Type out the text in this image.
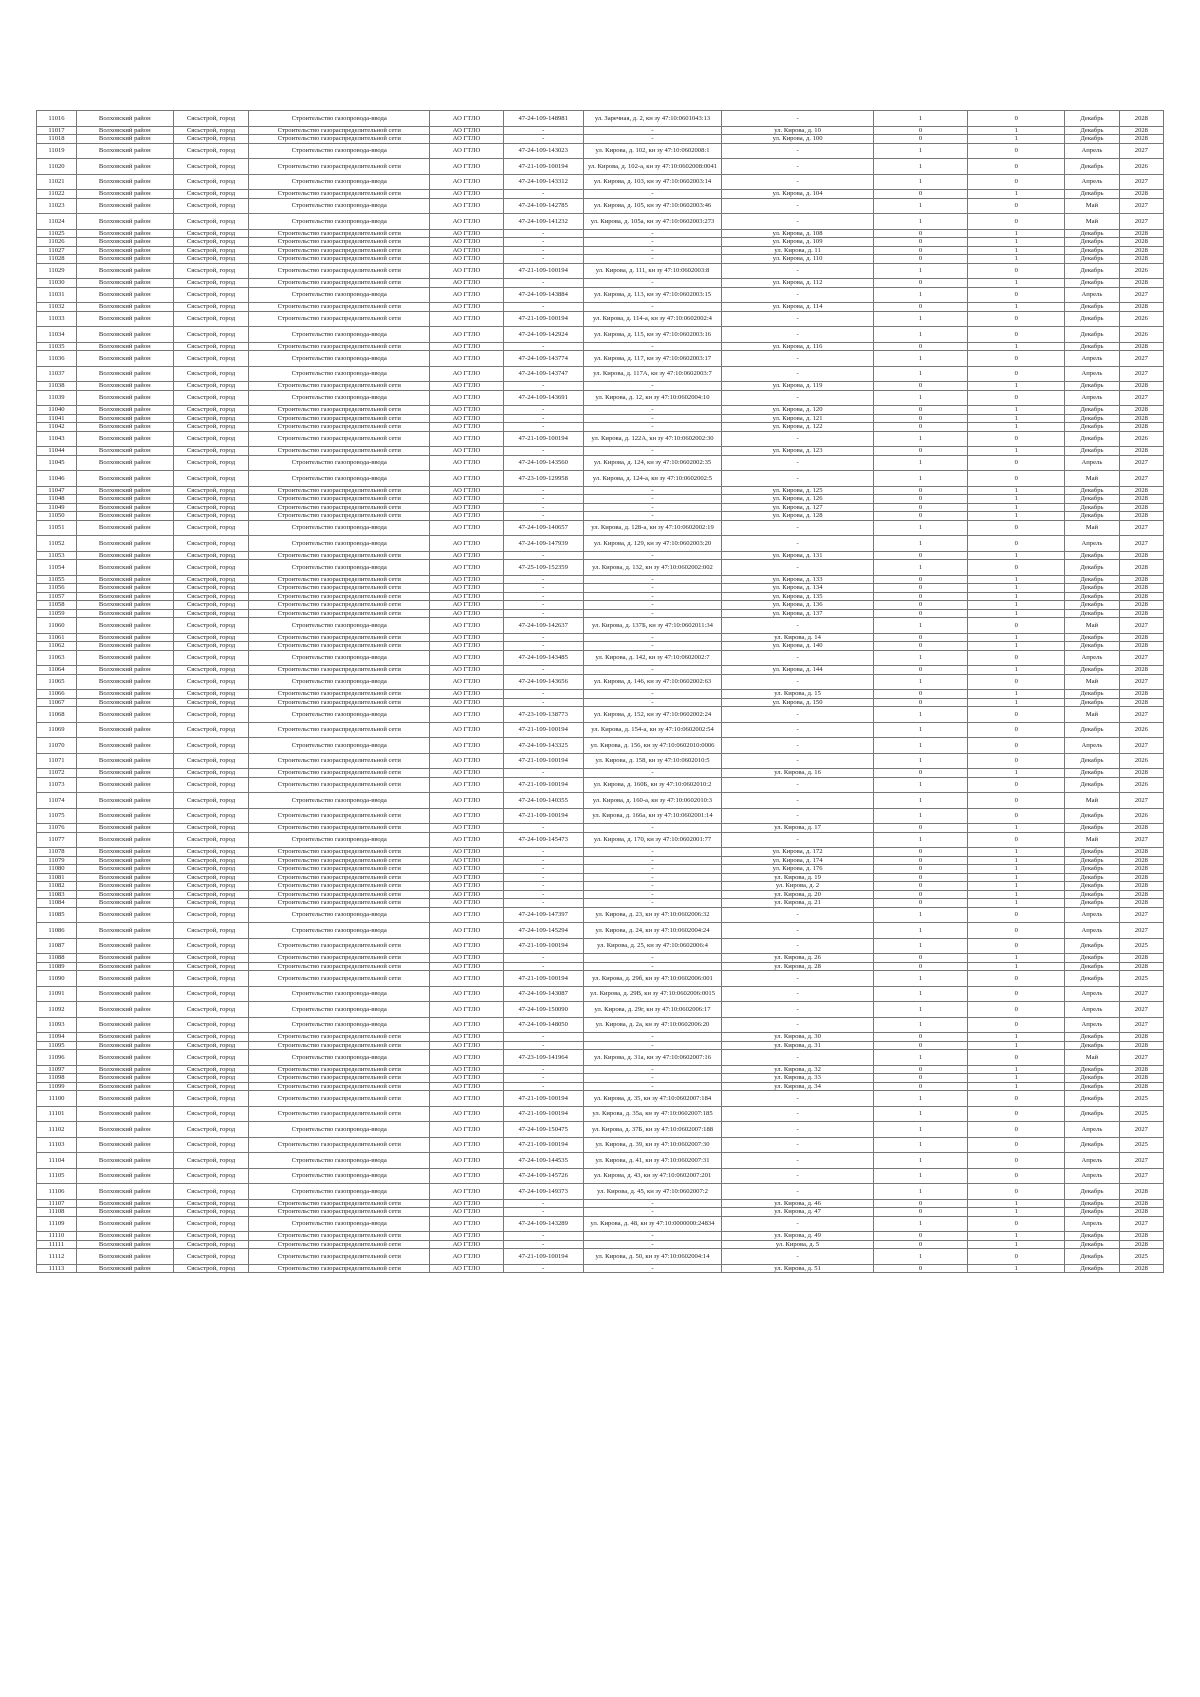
11016	Волховский район	Сясьстрой, город	Строительство газопровода-ввода	АО ГТЛО	47-24-109-148981	ул. Заречная, д. 2, кн зу 47:10:0601043:13	-	1	0	Декабрь	2028
11017	Волховский район	Сясьстрой, город	Строительство газораспределительной сети	АО ГТЛО	-	-	ул. Кирова, д. 10	0	1	Декабрь	2028
11018	Волховский район	Сясьстрой, город	Строительство газораспределительной сети	АО ГТЛО	-	-	ул. Кирова, д. 100	0	1	Декабрь	2028
11019	Волховский район	Сясьстрой, город	Строительство газопровода-ввода	АО ГТЛО	47-24-109-143023	ул. Кирова, д. 102, кн зу 47:10:0602008:1	-	1	0	Апрель	2027
11020	Волховский район	Сясьстрой, город	Строительство газораспределительной сети	АО ГТЛО	47-21-109-100194	ул. Кирова, д. 102-а, кн зу 47:10:0602008:0041	-	1	0	Декабрь	2026
11021	Волховский район	Сясьстрой, город	Строительство газопровода-ввода	АО ГТЛО	47-24-109-143312	ул. Кирова, д. 103, кн зу 47:10:0602003:14	-	1	0	Апрель	2027
11022	Волховский район	Сясьстрой, город	Строительство газораспределительной сети	АО ГТЛО	-	-	ул. Кирова, д. 104	0	1	Декабрь	2028
11023	Волховский район	Сясьстрой, город	Строительство газопровода-ввода	АО ГТЛО	47-24-109-142785	ул. Кирова, д. 105, кн зу 47:10:0602003:46	-	1	0	Май	2027
11024	Волховский район	Сясьстрой, город	Строительство газопровода-ввода	АО ГТЛО	47-24-109-141232	ул. Кирова, д. 105а, кн зу 47:10:0602003:273	-	1	0	Май	2027
11025	Волховский район	Сясьстрой, город	Строительство газораспределительной сети	АО ГТЛО	-	-	ул. Кирова, д. 108	0	1	Декабрь	2028
11026	Волховский район	Сясьстрой, город	Строительство газораспределительной сети	АО ГТЛО	-	-	ул. Кирова, д. 109	0	1	Декабрь	2028
11027	Волховский район	Сясьстрой, город	Строительство газораспределительной сети	АО ГТЛО	-	-	ул. Кирова, д. 11	0	1	Декабрь	2028
11028	Волховский район	Сясьстрой, город	Строительство газораспределительной сети	АО ГТЛО	-	-	ул. Кирова, д. 110	0	1	Декабрь	2028
11029	Волховский район	Сясьстрой, город	Строительство газораспределительной сети	АО ГТЛО	47-21-109-100194	ул. Кирова, д. 111, кн зу 47:10:0602003:8	-	1	0	Декабрь	2026
11030	Волховский район	Сясьстрой, город	Строительство газораспределительной сети	АО ГТЛО	-	-	ул. Кирова, д. 112	0	1	Декабрь	2028
11031	Волховский район	Сясьстрой, город	Строительство газопровода-ввода	АО ГТЛО	47-24-109-143884	ул. Кирова, д. 113, кн зу 47:10:0602003:15	-	1	0	Апрель	2027
11032	Волховский район	Сясьстрой, город	Строительство газораспределительной сети	АО ГТЛО	-	-	ул. Кирова, д. 114	0	1	Декабрь	2028
11033	Волховский район	Сясьстрой, город	Строительство газораспределительной сети	АО ГТЛО	47-21-109-100194	ул. Кирова, д. 114-а, кн зу 47:10:0602002:4	-	1	0	Декабрь	2026
11034	Волховский район	Сясьстрой, город	Строительство газопровода-ввода	АО ГТЛО	47-24-109-142924	ул. Кирова, д. 115, кн зу 47:10:0602003:16	-	1	0	Декабрь	2026
11035	Волховский район	Сясьстрой, город	Строительство газораспределительной сети	АО ГТЛО	-	-	ул. Кирова, д. 116	0	1	Декабрь	2028
11036	Волховский район	Сясьстрой, город	Строительство газопровода-ввода	АО ГТЛО	47-24-109-143774	ул. Кирова, д. 117, кн зу 47:10:0602003:17	-	1	0	Апрель	2027
11037	Волховский район	Сясьстрой, город	Строительство газопровода-ввода	АО ГТЛО	47-24-109-143747	ул. Кирова, д. 117А, кн зу 47:10:0602003:7	-	1	0	Апрель	2027
11038	Волховский район	Сясьстрой, город	Строительство газораспределительной сети	АО ГТЛО	-	-	ул. Кирова, д. 119	0	1	Декабрь	2028
11039	Волховский район	Сясьстрой, город	Строительство газопровода-ввода	АО ГТЛО	47-24-109-143691	ул. Кирова, д. 12, кн зу 47:10:0602004:10	-	1	0	Апрель	2027
11040	Волховский район	Сясьстрой, город	Строительство газораспределительной сети	АО ГТЛО	-	-	ул. Кирова, д. 120	0	1	Декабрь	2028
11041	Волховский район	Сясьстрой, город	Строительство газораспределительной сети	АО ГТЛО	-	-	ул. Кирова, д. 121	0	1	Декабрь	2028
11042	Волховский район	Сясьстрой, город	Строительство газораспределительной сети	АО ГТЛО	-	-	ул. Кирова, д. 122	0	1	Декабрь	2028
11043	Волховский район	Сясьстрой, город	Строительство газораспределительной сети	АО ГТЛО	47-21-109-100194	ул. Кирова, д. 122А, кн зу 47:10:0602002:30	-	1	0	Декабрь	2026
11044	Волховский район	Сясьстрой, город	Строительство газораспределительной сети	АО ГТЛО	-	-	ул. Кирова, д. 123	0	1	Декабрь	2028
11045	Волховский район	Сясьстрой, город	Строительство газопровода-ввода	АО ГТЛО	47-24-109-143560	ул. Кирова, д. 124, кн зу 47:10:0602002:35	-	1	0	Апрель	2027
11046	Волховский район	Сясьстрой, город	Строительство газопровода-ввода	АО ГТЛО	47-23-109-129958	ул. Кирова, д. 124-а, кн зу 47:10:0602002:5	-	1	0	Май	2027
11047	Волховский район	Сясьстрой, город	Строительство газораспределительной сети	АО ГТЛО	-	-	ул. Кирова, д. 125	0	1	Декабрь	2028
11048	Волховский район	Сясьстрой, город	Строительство газораспределительной сети	АО ГТЛО	-	-	ул. Кирова, д. 126	0	1	Декабрь	2028
11049	Волховский район	Сясьстрой, город	Строительство газораспределительной сети	АО ГТЛО	-	-	ул. Кирова, д. 127	0	1	Декабрь	2028
11050	Волховский район	Сясьстрой, город	Строительство газораспределительной сети	АО ГТЛО	-	-	ул. Кирова, д. 128	0	1	Декабрь	2028
11051	Волховский район	Сясьстрой, город	Строительство газопровода-ввода	АО ГТЛО	47-24-109-140657	ул. Кирова, д. 128-а, кн зу 47:10:0602002:19	-	1	0	Май	2027
11052	Волховский район	Сясьстрой, город	Строительство газопровода-ввода	АО ГТЛО	47-24-109-147939	ул. Кирова, д. 129, кн зу 47:10:0602003:20	-	1	0	Апрель	2027
11053	Волховский район	Сясьстрой, город	Строительство газораспределительной сети	АО ГТЛО	-	-	ул. Кирова, д. 131	0	1	Декабрь	2028
11054	Волховский район	Сясьстрой, город	Строительство газопровода-ввода	АО ГТЛО	47-25-109-152359	ул. Кирова, д. 132, кн зу 47:10:0602002:002	-	1	0	Декабрь	2028
11055	Волховский район	Сясьстрой, город	Строительство газораспределительной сети	АО ГТЛО	-	-	ул. Кирова, д. 133	0	1	Декабрь	2028
11056	Волховский район	Сясьстрой, город	Строительство газораспределительной сети	АО ГТЛО	-	-	ул. Кирова, д. 134	0	1	Декабрь	2028
11057	Волховский район	Сясьстрой, город	Строительство газораспределительной сети	АО ГТЛО	-	-	ул. Кирова, д. 135	0	1	Декабрь	2028
11058	Волховский район	Сясьстрой, город	Строительство газораспределительной сети	АО ГТЛО	-	-	ул. Кирова, д. 136	0	1	Декабрь	2028
11059	Волховский район	Сясьстрой, город	Строительство газораспределительной сети	АО ГТЛО	-	-	ул. Кирова, д. 137	0	1	Декабрь	2028
11060	Волховский район	Сясьстрой, город	Строительство газопровода-ввода	АО ГТЛО	47-24-109-142637	ул. Кирова, д. 137Б, кн зу 47:10:0602011:34	-	1	0	Май	2027
11061	Волховский район	Сясьстрой, город	Строительство газораспределительной сети	АО ГТЛО	-	-	ул. Кирова, д. 14	0	1	Декабрь	2028
11062	Волховский район	Сясьстрой, город	Строительство газораспределительной сети	АО ГТЛО	-	-	ул. Кирова, д. 140	0	1	Декабрь	2028
11063	Волховский район	Сясьстрой, город	Строительство газопровода-ввода	АО ГТЛО	47-24-109-143485	ул. Кирова, д. 142, кн зу 47:10:0602002:7	-	1	0	Апрель	2027
11064	Волховский район	Сясьстрой, город	Строительство газораспределительной сети	АО ГТЛО	-	-	ул. Кирова, д. 144	0	1	Декабрь	2028
11065	Волховский район	Сясьстрой, город	Строительство газопровода-ввода	АО ГТЛО	47-24-109-143656	ул. Кирова, д. 146, кн зу 47:10:0602002:63	-	1	0	Май	2027
11066	Волховский район	Сясьстрой, город	Строительство газораспределительной сети	АО ГТЛО	-	-	ул. Кирова, д. 15	0	1	Декабрь	2028
11067	Волховский район	Сясьстрой, город	Строительство газораспределительной сети	АО ГТЛО	-	-	ул. Кирова, д. 150	0	1	Декабрь	2028
11068	Волховский район	Сясьстрой, город	Строительство газопровода-ввода	АО ГТЛО	47-23-109-138773	ул. Кирова, д. 152, кн зу 47:10:0602002:24	-	1	0	Май	2027
11069	Волховский район	Сясьстрой, город	Строительство газораспределительной сети	АО ГТЛО	47-21-109-100194	ул. Кирова, д. 154-а, кн зу 47:10:0602002:54	-	1	0	Декабрь	2026
11070	Волховский район	Сясьстрой, город	Строительство газопровода-ввода	АО ГТЛО	47-24-109-143325	ул. Кирова, д. 156, кн зу 47:10:0602010:0006	-	1	0	Апрель	2027
11071	Волховский район	Сясьстрой, город	Строительство газораспределительной сети	АО ГТЛО	47-21-109-100194	ул. Кирова, д. 158, кн зу 47:10:0602010:5	-	1	0	Декабрь	2026
11072	Волховский район	Сясьстрой, город	Строительство газораспределительной сети	АО ГТЛО	-	-	ул. Кирова, д. 16	0	1	Декабрь	2028
11073	Волховский район	Сясьстрой, город	Строительство газораспределительной сети	АО ГТЛО	47-21-109-100194	ул. Кирова, д. 160Б, кн зу 47:10:0602010:2	-	1	0	Декабрь	2026
11074	Волховский район	Сясьстрой, город	Строительство газопровода-ввода	АО ГТЛО	47-24-109-140355	ул. Кирова, д. 160-а, кн зу 47:10:0602010:3	-	1	0	Май	2027
11075	Волховский район	Сясьстрой, город	Строительство газораспределительной сети	АО ГТЛО	47-21-109-100194	ул. Кирова, д. 166а, кн зу 47:10:0602001:14	-	1	0	Декабрь	2026
11076	Волховский район	Сясьстрой, город	Строительство газораспределительной сети	АО ГТЛО	-	-	ул. Кирова, д. 17	0	1	Декабрь	2028
11077	Волховский район	Сясьстрой, город	Строительство газопровода-ввода	АО ГТЛО	47-24-109-145473	ул. Кирова, д. 170, кн зу 47:10:0602001:77	-	1	0	Май	2027
11078	Волховский район	Сясьстрой, город	Строительство газораспределительной сети	АО ГТЛО	-	-	ул. Кирова, д. 172	0	1	Декабрь	2028
11079	Волховский район	Сясьстрой, город	Строительство газораспределительной сети	АО ГТЛО	-	-	ул. Кирова, д. 174	0	1	Декабрь	2028
11080	Волховский район	Сясьстрой, город	Строительство газораспределительной сети	АО ГТЛО	-	-	ул. Кирова, д. 176	0	1	Декабрь	2028
11081	Волховский район	Сясьстрой, город	Строительство газораспределительной сети	АО ГТЛО	-	-	ул. Кирова, д. 19	0	1	Декабрь	2028
11082	Волховский район	Сясьстрой, город	Строительство газораспределительной сети	АО ГТЛО	-	-	ул. Кирова, д. 2	0	1	Декабрь	2028
11083	Волховский район	Сясьстрой, город	Строительство газораспределительной сети	АО ГТЛО	-	-	ул. Кирова, д. 20	0	1	Декабрь	2028
11084	Волховский район	Сясьстрой, город	Строительство газораспределительной сети	АО ГТЛО	-	-	ул. Кирова, д. 21	0	1	Декабрь	2028
11085	Волховский район	Сясьстрой, город	Строительство газопровода-ввода	АО ГТЛО	47-24-109-147397	ул. Кирова, д. 23, кн зу 47:10:0602006:32	-	1	0	Апрель	2027
11086	Волховский район	Сясьстрой, город	Строительство газопровода-ввода	АО ГТЛО	47-24-109-145294	ул. Кирова, д. 24, кн зу 47:10:0602004:24	-	1	0	Апрель	2027
11087	Волховский район	Сясьстрой, город	Строительство газораспределительной сети	АО ГТЛО	47-21-109-100194	ул. Кирова, д. 25, кн зу 47:10:0602006:4	-	1	0	Декабрь	2025
11088	Волховский район	Сясьстрой, город	Строительство газораспределительной сети	АО ГТЛО	-	-	ул. Кирова, д. 26	0	1	Декабрь	2028
11089	Волховский район	Сясьстрой, город	Строительство газораспределительной сети	АО ГТЛО	-	-	ул. Кирова, д. 28	0	1	Декабрь	2028
11090	Волховский район	Сясьстрой, город	Строительство газораспределительной сети	АО ГТЛО	47-21-109-100194	ул. Кирова, д. 29б, кн зу 47:10:0602006:001	-	1	0	Декабрь	2025
11091	Волховский район	Сясьстрой, город	Строительство газопровода-ввода	АО ГТЛО	47-24-109-143087	ул. Кирова, д. 29В, кн зу 47:10:0602006:0015	-	1	0	Апрель	2027
11092	Волховский район	Сясьстрой, город	Строительство газопровода-ввода	АО ГТЛО	47-24-109-150090	ул. Кирова, д. 29г, кн зу 47:10:0602006:17	-	1	0	Апрель	2027
11093	Волховский район	Сясьстрой, город	Строительство газопровода-ввода	АО ГТЛО	47-24-109-148050	ул. Кирова, д. 2а, кн зу 47:10:0602006:20	-	1	0	Апрель	2027
11094	Волховский район	Сясьстрой, город	Строительство газораспределительной сети	АО ГТЛО	-	-	ул. Кирова, д. 30	0	1	Декабрь	2028
11095	Волховский район	Сясьстрой, город	Строительство газораспределительной сети	АО ГТЛО	-	-	ул. Кирова, д. 31	0	1	Декабрь	2028
11096	Волховский район	Сясьстрой, город	Строительство газопровода-ввода	АО ГТЛО	47-23-109-141964	ул. Кирова, д. 31а, кн зу 47:10:0602007:16	-	1	0	Май	2027
11097	Волховский район	Сясьстрой, город	Строительство газораспределительной сети	АО ГТЛО	-	-	ул. Кирова, д. 32	0	1	Декабрь	2028
11098	Волховский район	Сясьстрой, город	Строительство газораспределительной сети	АО ГТЛО	-	-	ул. Кирова, д. 33	0	1	Декабрь	2028
11099	Волховский район	Сясьстрой, город	Строительство газораспределительной сети	АО ГТЛО	-	-	ул. Кирова, д. 34	0	1	Декабрь	2028
11100	Волховский район	Сясьстрой, город	Строительство газораспределительной сети	АО ГТЛО	47-21-109-100194	ул. Кирова, д. 35, кн зу 47:10:0602007:184	-	1	0	Декабрь	2025
11101	Волховский район	Сясьстрой, город	Строительство газораспределительной сети	АО ГТЛО	47-21-109-100194	ул. Кирова, д. 35а, кн зу 47:10:0602007:185	-	1	0	Декабрь	2025
11102	Волховский район	Сясьстрой, город	Строительство газопровода-ввода	АО ГТЛО	47-24-109-150475	ул. Кирова, д. 37Б, кн зу 47:10:0602007:188	-	1	0	Апрель	2027
11103	Волховский район	Сясьстрой, город	Строительство газораспределительной сети	АО ГТЛО	47-21-109-100194	ул. Кирова, д. 39, кн зу 47:10:0602007:30	-	1	0	Декабрь	2025
11104	Волховский район	Сясьстрой, город	Строительство газопровода-ввода	АО ГТЛО	47-24-109-144535	ул. Кирова, д. 41, кн зу 47:10:0602007:31	-	1	0	Апрель	2027
11105	Волховский район	Сясьстрой, город	Строительство газопровода-ввода	АО ГТЛО	47-24-109-145726	ул. Кирова, д. 43, кн зу 47:10:0602007:201	-	1	0	Апрель	2027
11106	Волховский район	Сясьстрой, город	Строительство газопровода-ввода	АО ГТЛО	47-24-109-149373	ул. Кирова, д. 45, кн зу 47:10:0602007:2	-	1	0	Декабрь	2028
11107	Волховский район	Сясьстрой, город	Строительство газораспределительной сети	АО ГТЛО	-	-	ул. Кирова, д. 46	0	1	Декабрь	2028
11108	Волховский район	Сясьстрой, город	Строительство газораспределительной сети	АО ГТЛО	-	-	ул. Кирова, д. 47	0	1	Декабрь	2028
11109	Волховский район	Сясьстрой, город	Строительство газопровода-ввода	АО ГТЛО	47-24-109-143289	ул. Кирова, д. 48, кн зу 47:10:0000000:24834	-	1	0	Апрель	2027
11110	Волховский район	Сясьстрой, город	Строительство газораспределительной сети	АО ГТЛО	-	-	ул. Кирова, д. 49	0	1	Декабрь	2028
11111	Волховский район	Сясьстрой, город	Строительство газораспределительной сети	АО ГТЛО	-	-	ул. Кирова, д. 5	0	1	Декабрь	2028
11112	Волховский район	Сясьстрой, город	Строительство газораспределительной сети	АО ГТЛО	47-21-109-100194	ул. Кирова, д. 50, кн зу 47:10:0602004:14	-	1	0	Декабрь	2025
11113	Волховский район	Сясьстрой, город	Строительство газораспределительной сети	АО ГТЛО	-	-	ул. Кирова, д. 51	0	1	Декабрь	2028
